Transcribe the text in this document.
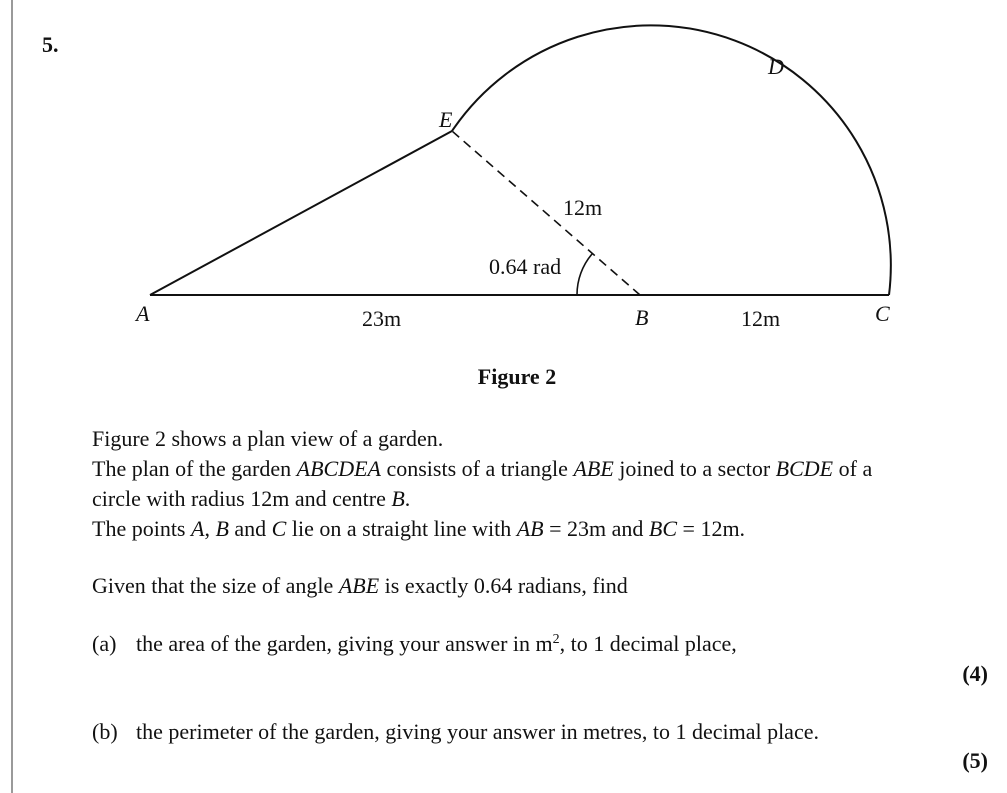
5.
A	B	C
D
E
23m	12m
12m
0.64 rad
Figure 2
Figure 2 shows a plan view of a garden.
The plan of the garden ABCDEA consists of a triangle ABE joined to a sector BCDE of a
circle with radius 12m and centre B.
The points A, B and C lie on a straight line with AB = 23m and BC = 12m.
Given that the size of angle ABE is exactly 0.64 radians, find
(a) the area of the garden, giving your answer in $m^2$, to 1 decimal place,
(4)
(b) the perimeter of the garden, giving your answer in metres, to 1 decimal place.
(5)
